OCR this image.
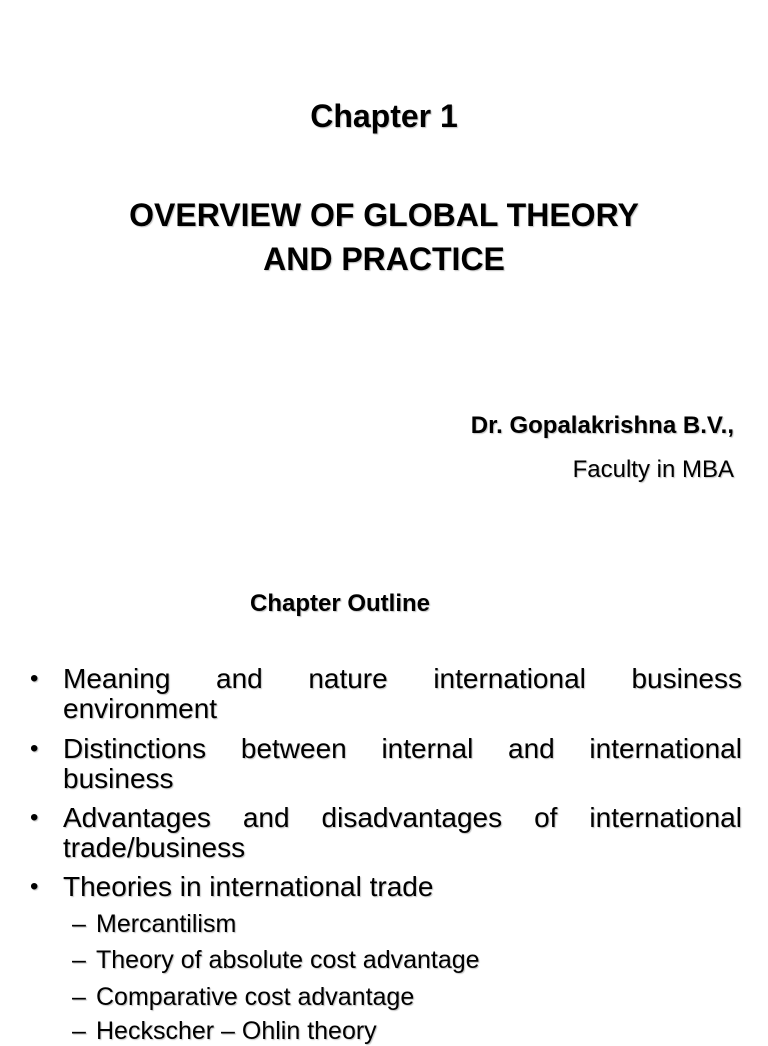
Chapter 1
OVERVIEW OF GLOBAL THEORY
AND PRACTICE
Dr. Gopalakrishna B.V.,
Faculty in MBA
Chapter Outline
• Meaning and nature international business
environment
• Distinctions between internal and international
business
• Advantages and disadvantages of international
trade/business
• Theories in international trade
– Mercantilism
– Theory of absolute cost advantage
– Comparative cost advantage
– Heckscher – Ohlin theory
